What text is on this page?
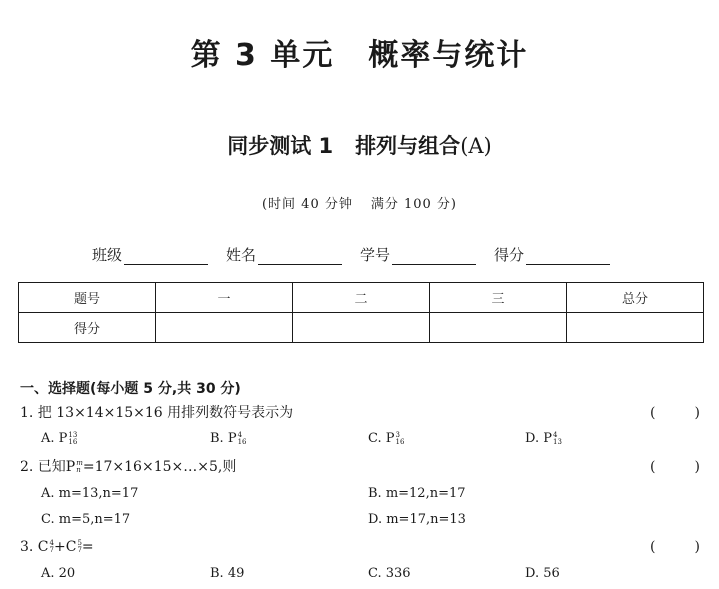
第 3 单元 概率与统计
同步测试 1 排列与组合(A)
(时间 40 分钟 满分 100 分)
班级	姓名	学号	得分
题号	一	二	三	总分
得分				
一、选择题(每小题 5 分,共 30 分)
1. 把 13×14×15×16 用排列数符号表示为	(	)
A. P 13
16	B. P 4
16	C. P 3
16	D. P 4
13
2. 已知P m
n =17×16×15×…×5,则	(	)
A. m=13,n=17	B. m=12,n=17
C. m=5,n=17	D. m=17,n=13
3. C 4
7 +C 5
7 =	(	)
A. 20	B. 49	C. 336	D. 56
